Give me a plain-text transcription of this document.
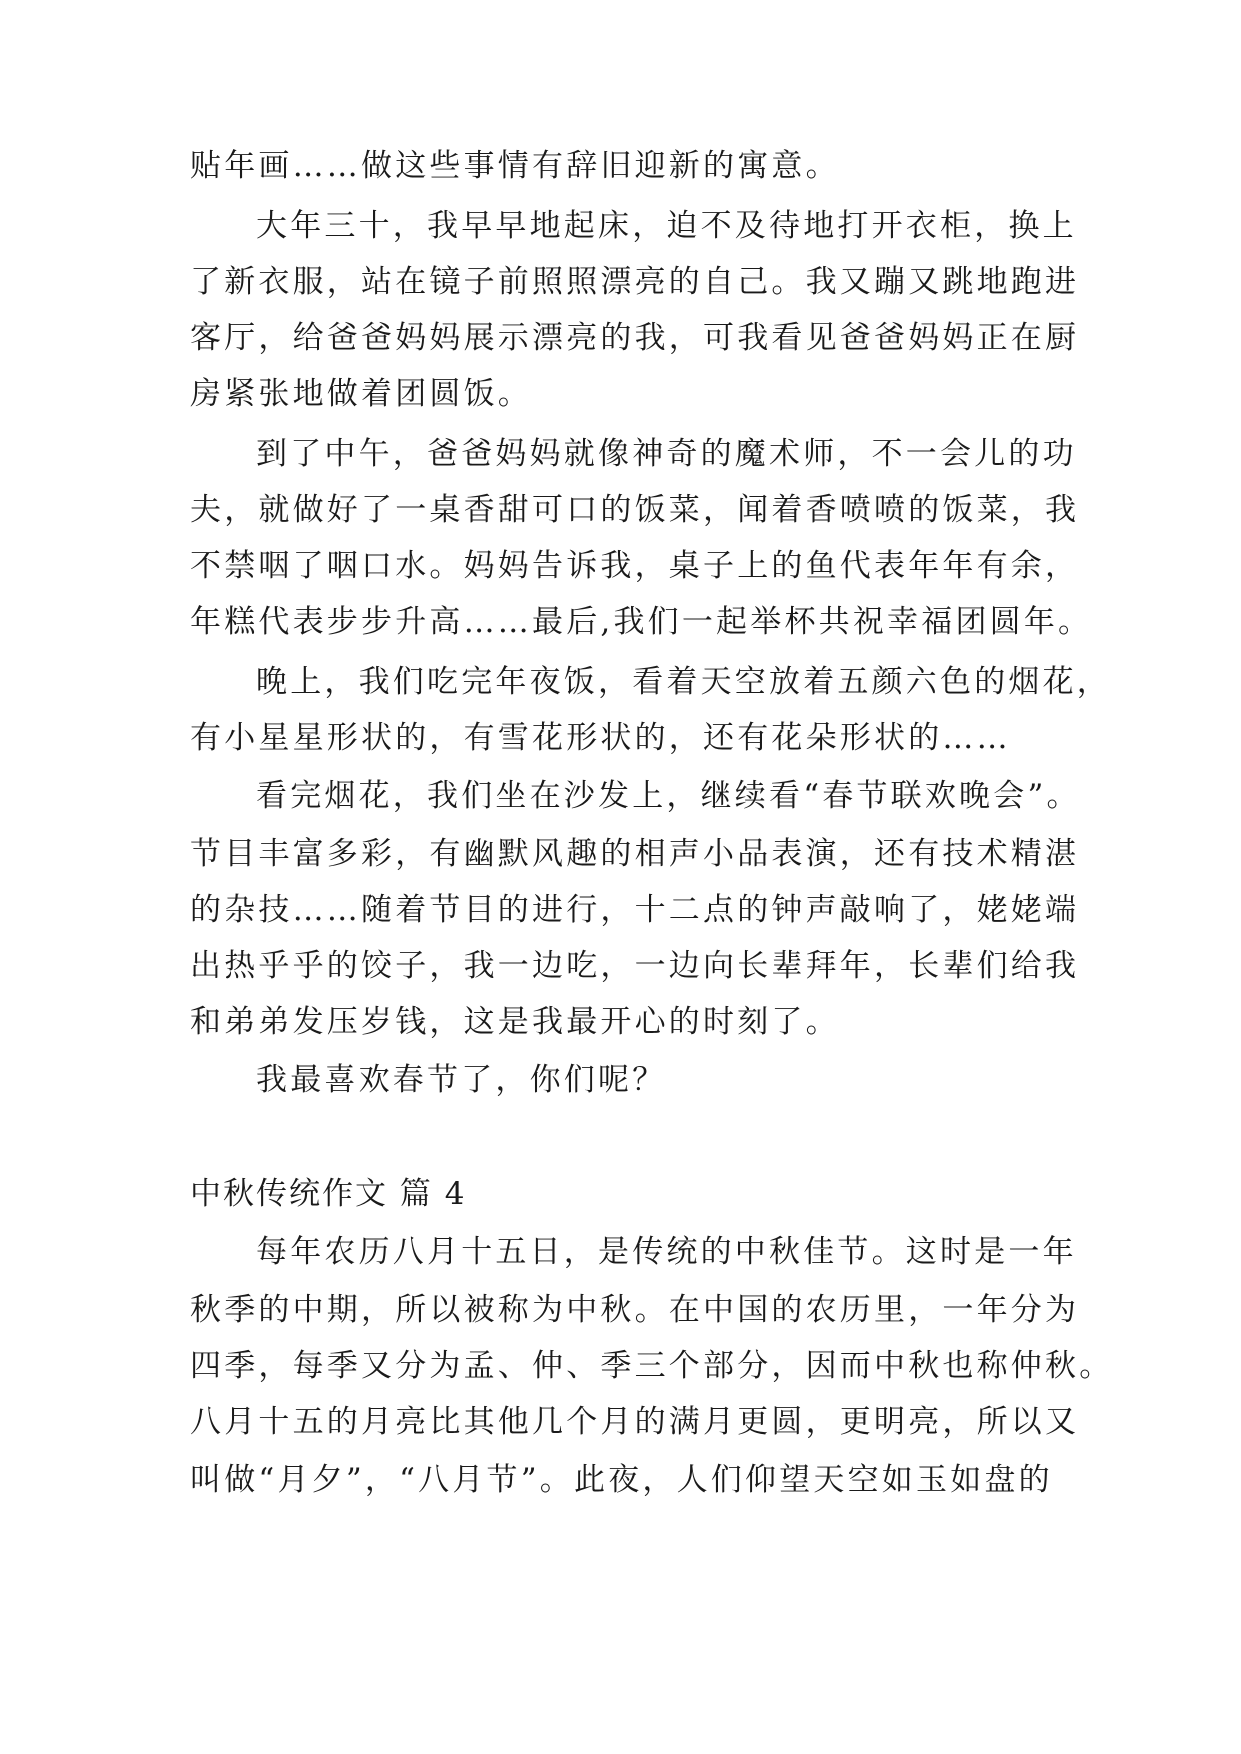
贴年画……做这些事情有辞旧迎新的寓意。
大年三十，我早早地起床，迫不及待地打开衣柜，换上
了新衣服，站在镜子前照照漂亮的自己。我又蹦又跳地跑进
客厅，给爸爸妈妈展示漂亮的我，可我看见爸爸妈妈正在厨
房紧张地做着团圆饭。
到了中午，爸爸妈妈就像神奇的魔术师，不一会儿的功
夫，就做好了一桌香甜可口的饭菜，闻着香喷喷的饭菜，我
不禁咽了咽口水。妈妈告诉我，桌子上的鱼代表年年有余，
年糕代表步步升高……最后,我们一起举杯共祝幸福团圆年。
晚上，我们吃完年夜饭，看着天空放着五颜六色的烟花，
有小星星形状的，有雪花形状的，还有花朵形状的……
看完烟花，我们坐在沙发上，继续看“春节联欢晚会”。
节目丰富多彩，有幽默风趣的相声小品表演，还有技术精湛
的杂技……随着节目的进行，十二点的钟声敲响了，姥姥端
出热乎乎的饺子，我一边吃，一边向长辈拜年，长辈们给我
和弟弟发压岁钱，这是我最开心的时刻了。
我最喜欢春节了，你们呢？
中秋传统作文 篇 4
每年农历八月十五日，是传统的中秋佳节。这时是一年
秋季的中期，所以被称为中秋。在中国的农历里，一年分为
四季，每季又分为孟、仲、季三个部分，因而中秋也称仲秋。
八月十五的月亮比其他几个月的满月更圆，更明亮，所以又
叫做“月夕”，“八月节”。此夜，人们仰望天空如玉如盘的
